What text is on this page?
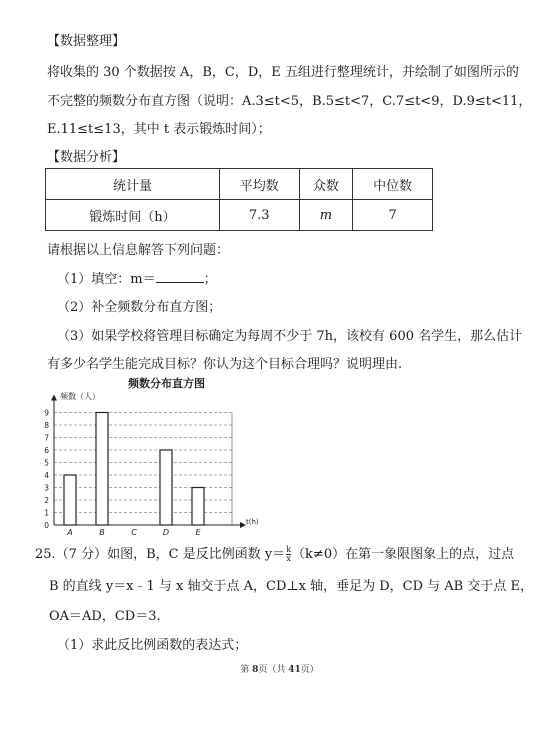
【数据整理】
将收集的 30 个数据按 A，B，C，D，E 五组进行整理统计，并绘制了如图所示的
不完整的频数分布直方图（说明：A.3≤t<5，B.5≤t<7，C.7≤t<9，D.9≤t<11，
E.11≤t≤13，其中 t 表示锻炼时间）；
【数据分析】
统计量	平均数	众数	中位数
锻炼时间（h）	7.3	m	7
请根据以上信息解答下列问题：
（1）填空：m＝	；
（2）补全频数分布直方图；
（3）如果学校将管理目标确定为每周不少于 7h，该校有 600 名学生，那么估计
有多少名学生能完成目标？你认为这个目标合理吗？说明理由.
频数分布直方图
0
1
2
3
4
5
6
7
8
9
频数（人）
t(h)
A	B	C	D	E
25.（7 分）如图，B，C 是反比例函数 $y= \frac{k}{x} (k\ne 0)$在第一象限图象上的点，过点
B 的直线 y＝x﹣1 与 x 轴交于点 A，CD⊥x 轴，垂足为 D，CD 与 AB 交于点 E，
OA＝AD，CD＝3.
（1）求此反比例函数的表达式；
第 8页（共 41页）
